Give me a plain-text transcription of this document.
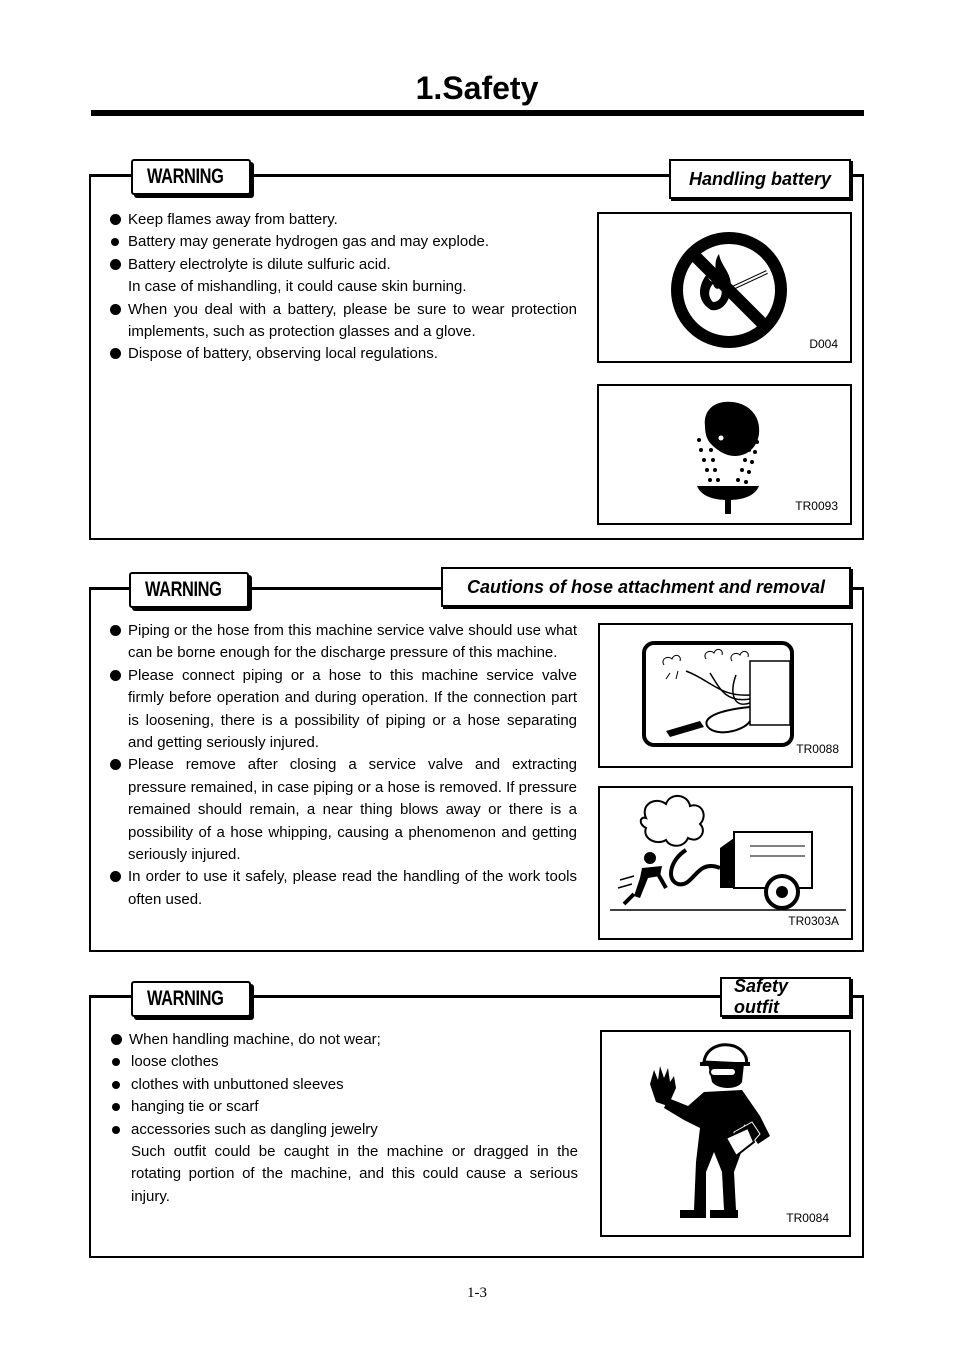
1.Safety
WARNING	Handling battery
Keep flames away from battery.
Battery may generate hydrogen gas and may explode.
Battery electrolyte is dilute sulfuric acid.
In case of mishandling, it could cause skin burning.
When you deal with a battery, please be sure to wear protection implements, such as protection glasses and a glove.
Dispose of battery, observing local regulations.
D004
TR0093
WARNING	Cautions of hose attachment and removal
Piping or the hose from this machine service valve should use what can be borne enough for the discharge pressure of this machine.
Please connect piping or a hose to this machine service valve firmly before operation and during operation. If the connection part is loosening, there is a possibility of piping or a hose separating and getting seriously injured.
Please remove after closing a service valve and extracting pressure remained, in case piping or a hose is removed. If pressure remained should remain, a near thing blows away or there is a possibility of a hose whipping, causing a phenomenon and getting seriously injured.
In order to use it safely, please read the handling of the work tools often used.
TR0088
TR0303A
WARNING
Safety outfit
When handling machine, do not wear;
loose clothes
clothes with unbuttoned sleeves
hanging tie or scarf
accessories such as dangling jewelry
Such outfit could be caught in the machine or dragged in the rotating portion of the machine, and this could cause a serious injury.
TR0084
1-3
